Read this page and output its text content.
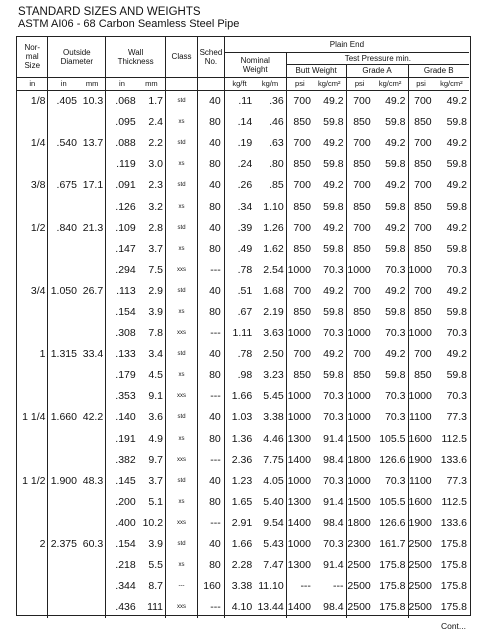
STANDARD SIZES AND WEIGHTS
ASTM AI06 - 68 Carbon Seamless Steel Pipe
Nor-
mal
Size	Outside
Diameter		Wall
Thickness		Class	Sched
No.	Plain End							
							Nominal
Weight		Test Pressure min.					
									Butt Weight		Grade A		Grade B	
in	in	mm	in	mm			kg/ft	kg/m	psi	kg/cm²	psi	kg/cm²	psi	kg/cm²
1/8	.405	10.3	.068	1.7	std	40	.11	.36	700	49.2	700	49.2	700	49.2
			.095	2.4	xs	80	.14	.46	850	59.8	850	59.8	850	59.8
1/4	.540	13.7	.088	2.2	std	40	.19	.63	700	49.2	700	49.2	700	49.2
			.119	3.0	xs	80	.24	.80	850	59.8	850	59.8	850	59.8
3/8	.675	17.1	.091	2.3	std	40	.26	.85	700	49.2	700	49.2	700	49.2
			.126	3.2	xs	80	.34	1.10	850	59.8	850	59.8	850	59.8
1/2	.840	21.3	.109	2.8	std	40	.39	1.26	700	49.2	700	49.2	700	49.2
			.147	3.7	xs	80	.49	1.62	850	59.8	850	59.8	850	59.8
			.294	7.5	xxs	---	.78	2.54	1000	70.3	1000	70.3	1000	70.3
3/4	1.050	26.7	.113	2.9	std	40	.51	1.68	700	49.2	700	49.2	700	49.2
			.154	3.9	xs	80	.67	2.19	850	59.8	850	59.8	850	59.8
			.308	7.8	xxs	---	1.11	3.63	1000	70.3	1000	70.3	1000	70.3
1	1.315	33.4	.133	3.4	std	40	.78	2.50	700	49.2	700	49.2	700	49.2
			.179	4.5	xs	80	.98	3.23	850	59.8	850	59.8	850	59.8
			.353	9.1	xxs	---	1.66	5.45	1000	70.3	1000	70.3	1000	70.3
1 1/4	1.660	42.2	.140	3.6	std	40	1.03	3.38	1000	70.3	1000	70.3	1100	77.3
			.191	4.9	xs	80	1.36	4.46	1300	91.4	1500	105.5	1600	112.5
			.382	9.7	xxs	---	2.36	7.75	1400	98.4	1800	126.6	1900	133.6
1 1/2	1.900	48.3	.145	3.7	std	40	1.23	4.05	1000	70.3	1000	70.3	1100	77.3
			.200	5.1	xs	80	1.65	5.40	1300	91.4	1500	105.5	1600	112.5
			.400	10.2	xxs	---	2.91	9.54	1400	98.4	1800	126.6	1900	133.6
2	2.375	60.3	.154	3.9	std	40	1.66	5.43	1000	70.3	2300	161.7	2500	175.8
			.218	5.5	xs	80	2.28	7.47	1300	91.4	2500	175.8	2500	175.8
			.344	8.7	---	160	3.38	11.10	---	---	2500	175.8	2500	175.8
			.436	111	xxs	---	4.10	13.44	1400	98.4	2500	175.8	2500	175.8
Cont...
